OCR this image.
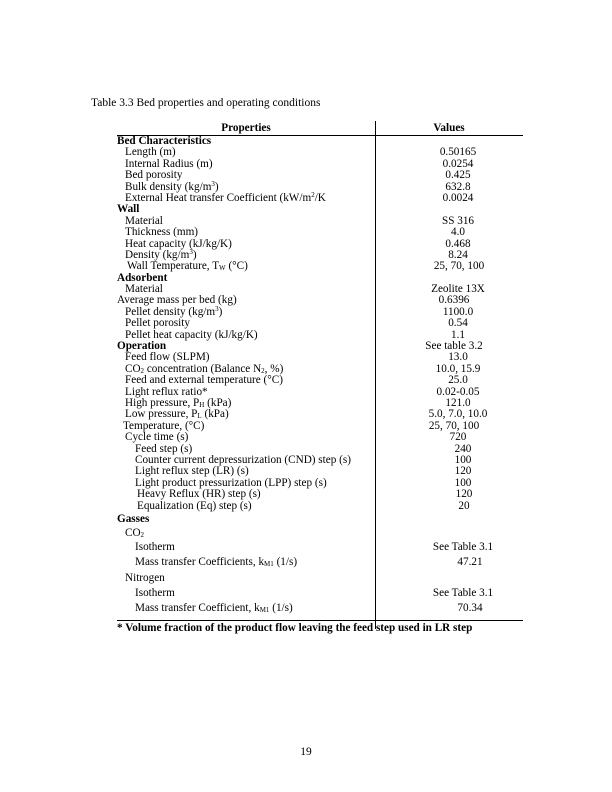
Table 3.3 Bed properties and operating conditions
Properties	Values
Bed Characteristics
Length (m)	0.50165
Internal Radius (m)	0.0254
Bed porosity	0.425
Bulk density $(kg/m^3)$	632.8
External Heat transfer Coefficient ($kW/m^2/K$	0.0024
Wall
Material	SS 316
Thickness (mm)	4.0
Heat capacity (kJ/kg/K)	0.468
Density $(kg/m^3)$	8.24
Wall Temperature, $T_W$ (°C)	25, 70, 100
Adsorbent
Material	Zeolite 13X
Average mass per bed (kg)	0.6396
Pellet density $(kg/m^3)$	1100.0
Pellet porosity	0.54
Pellet heat capacity (kJ/kg/K)	1.1
Operation	See table 3.2
Feed flow (SLPM)	13.0
$CO_2$ concentration (Balance $N_2$, %)	10.0, 15.9
Feed and external temperature (°C)	25.0
Light reflux ratio*	0.02-0.05
High pressure, $P_H$ (kPa)	121.0
Low pressure, $P_L$ (kPa)	5.0, 7.0, 10.0
Temperature, (°C)	25, 70, 100
Cycle time (s)	720
Feed step (s)	240
Counter current depressurization (CND) step (s)	100
Light reflux step (LR) (s)	120
Light product pressurization (LPP) step (s)	100
Heavy Reflux (HR) step (s)	120
Equalization (Eq) step (s)	20
Gasses
$CO_2$
Isotherm	See Table 3.1
Mass transfer Coefficients, $k_{M1}$ (1/s)	47.21
Nitrogen
Isotherm	See Table 3.1
Mass transfer Coefficient, $k_{M1}$ (1/s)	70.34
* Volume fraction of the product flow leaving the feed step used in LR step
19
